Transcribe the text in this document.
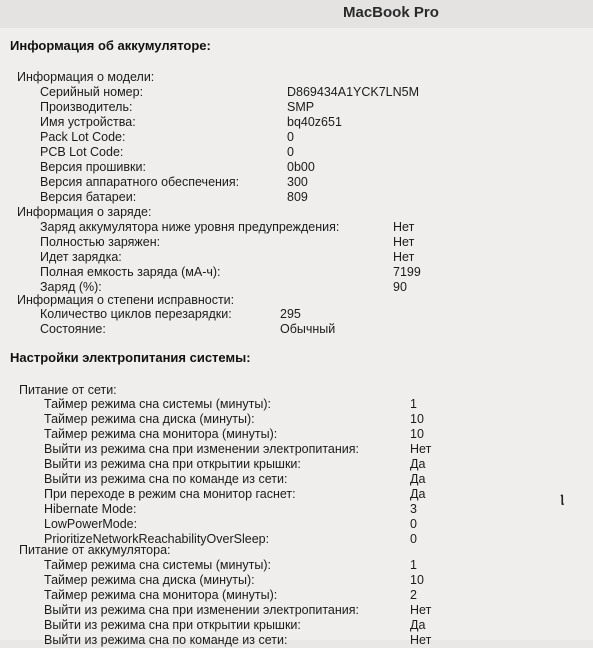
MacBook Pro
Информация об аккумуляторе:
Информация о модели:
Серийный номер:	D869434A1YCK7LN5M
Производитель:	SMP
Имя устройства:	bq40z651
Pack Lot Code:	0
PCB Lot Code:	0
Версия прошивки:	0b00
Версия аппаратного обеспечения:	300
Версия батареи:	809
Информация о заряде:
Заряд аккумулятора ниже уровня предупреждения:	Нет
Полностью заряжен:	Нет
Идет зарядка:	Нет
Полная емкость заряда (мА-ч):	7199
Заряд (%):	90
Информация о степени исправности:
Количество циклов перезарядки:	295
Состояние:	Обычный
Настройки электропитания системы:
Питание от сети:
Таймер режима сна системы (минуты):	1
Таймер режима сна диска (минуты):	10
Таймер режима сна монитора (минуты):	10
Выйти из режима сна при изменении электропитания:	Нет
Выйти из режима сна при открытии крышки:	Да
Выйти из режима сна по команде из сети:	Да
При переходе в режим сна монитор гаснет:	Да
Hibernate Mode:	3
LowPowerMode:	0
PrioritizeNetworkReachabilityOverSleep:	0
Питание от аккумулятора:
Таймер режима сна системы (минуты):	1
Таймер режима сна диска (минуты):	10
Таймер режима сна монитора (минуты):	2
Выйти из режима сна при изменении электропитания:	Нет
Выйти из режима сна при открытии крышки:	Да
Выйти из режима сна по команде из сети:	Нет
Ⲓ
